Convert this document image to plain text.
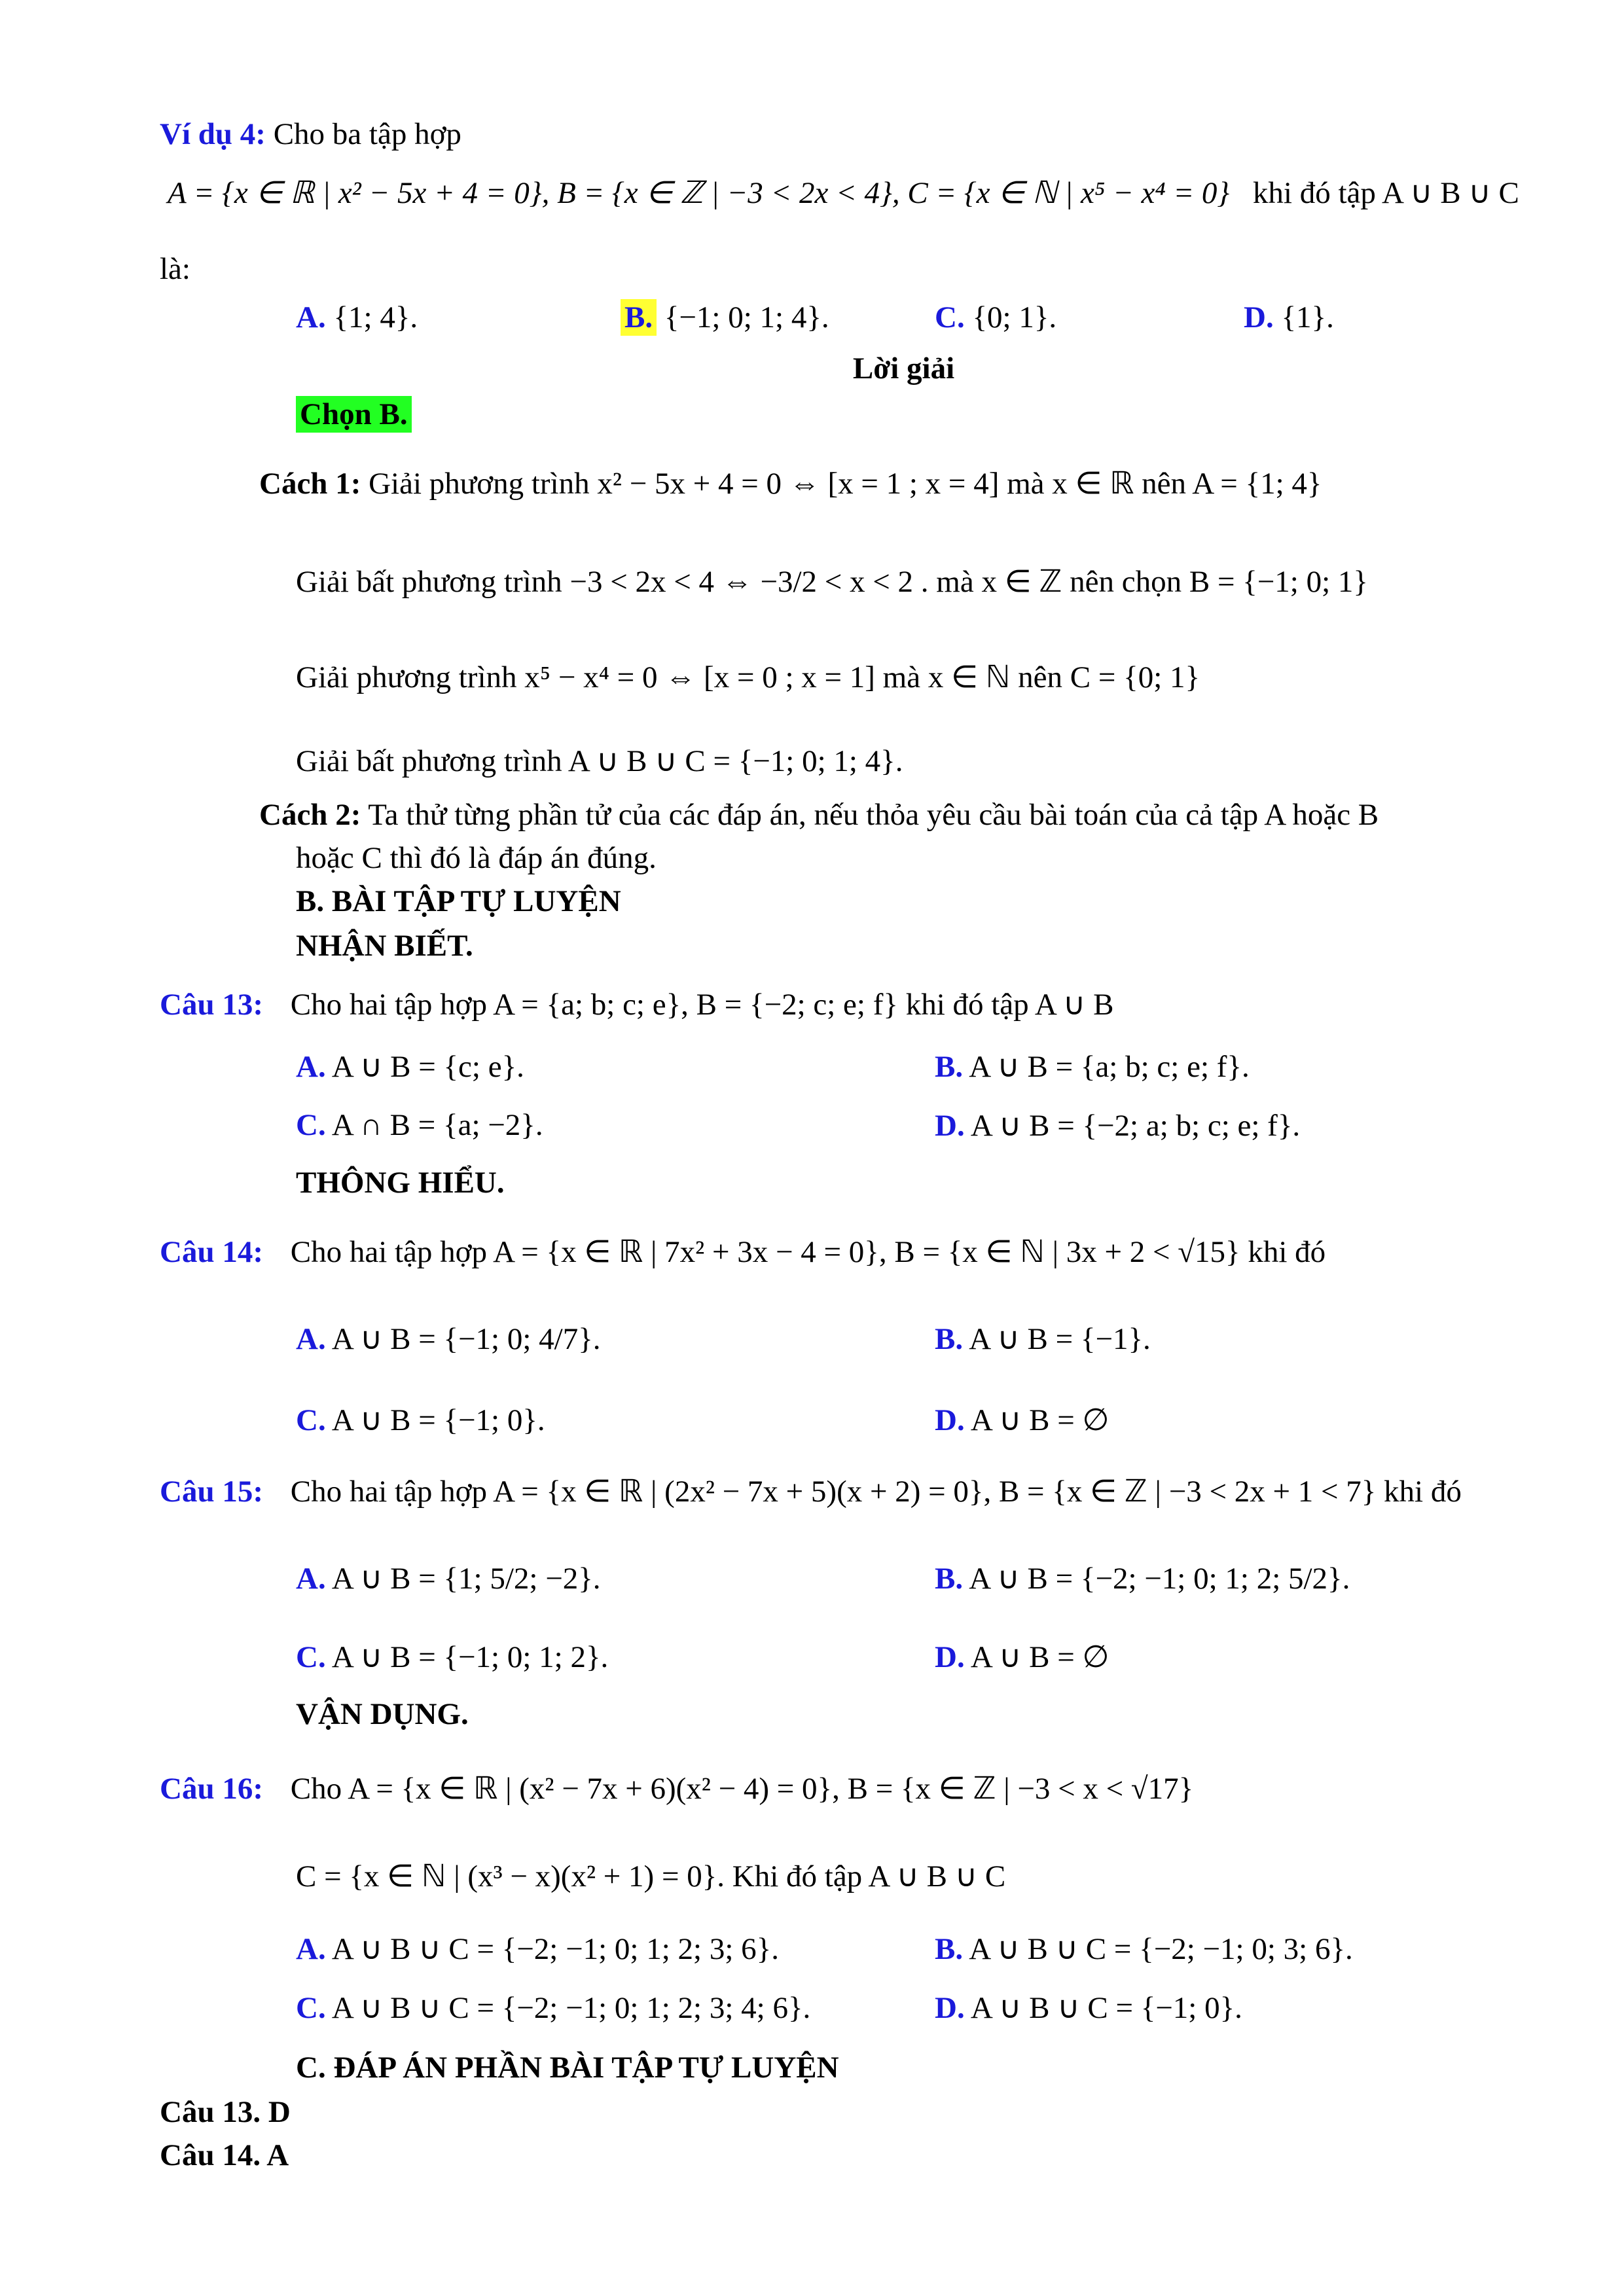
Ví dụ 4: Cho ba tập hợp
A = {x ∈ ℝ | x² − 5x + 4 = 0}, B = {x ∈ ℤ | −3 < 2x < 4}, C = {x ∈ ℕ | x⁵ − x⁴ = 0} khi đó tập A ∪ B ∪ C
là:
A. {1; 4}.	B. {−1; 0; 1; 4}.	C. {0; 1}.	D. {1}.
Lời giải
Chọn B.
Cách 1: Giải phương trình x² − 5x + 4 = 0 ⇔ [x = 1 ; x = 4] mà x ∈ ℝ nên A = {1; 4}
Giải bất phương trình −3 < 2x < 4 ⇔ −3/2 < x < 2 . mà x ∈ ℤ nên chọn B = {−1; 0; 1}
Giải phương trình x⁵ − x⁴ = 0 ⇔ [x = 0 ; x = 1] mà x ∈ ℕ nên C = {0; 1}
Giải bất phương trình A ∪ B ∪ C = {−1; 0; 1; 4}.
Cách 2: Ta thử từng phần tử của các đáp án, nếu thỏa yêu cầu bài toán của cả tập A hoặc B
hoặc C thì đó là đáp án đúng.
B. BÀI TẬP TỰ LUYỆN
NHẬN BIẾT.
Câu 13: Cho hai tập hợp A = {a; b; c; e}, B = {−2; c; e; f} khi đó tập A ∪ B
A. A ∪ B = {c; e}.	B. A ∪ B = {a; b; c; e; f}.
C. A ∩ B = {a; −2}.	D. A ∪ B = {−2; a; b; c; e; f}.
THÔNG HIỂU.
Câu 14: Cho hai tập hợp A = {x ∈ ℝ | 7x² + 3x − 4 = 0}, B = {x ∈ ℕ | 3x + 2 < √15} khi đó
A. A ∪ B = {−1; 0; 4/7}.	B. A ∪ B = {−1}.
C. A ∪ B = {−1; 0}.	D. A ∪ B = ∅
Câu 15: Cho hai tập hợp A = {x ∈ ℝ | (2x² − 7x + 5)(x + 2) = 0}, B = {x ∈ ℤ | −3 < 2x + 1 < 7} khi đó
A. A ∪ B = {1; 5/2; −2}.	B. A ∪ B = {−2; −1; 0; 1; 2; 5/2}.
C. A ∪ B = {−1; 0; 1; 2}.	D. A ∪ B = ∅
VẬN DỤNG.
Câu 16: Cho A = {x ∈ ℝ | (x² − 7x + 6)(x² − 4) = 0}, B = {x ∈ ℤ | −3 < x < √17}
C = {x ∈ ℕ | (x³ − x)(x² + 1) = 0}. Khi đó tập A ∪ B ∪ C
A. A ∪ B ∪ C = {−2; −1; 0; 1; 2; 3; 6}.	B. A ∪ B ∪ C = {−2; −1; 0; 3; 6}.
C. A ∪ B ∪ C = {−2; −1; 0; 1; 2; 3; 4; 6}.	D. A ∪ B ∪ C = {−1; 0}.
C. ĐÁP ÁN PHẦN BÀI TẬP TỰ LUYỆN
Câu 13. D
Câu 14. A
